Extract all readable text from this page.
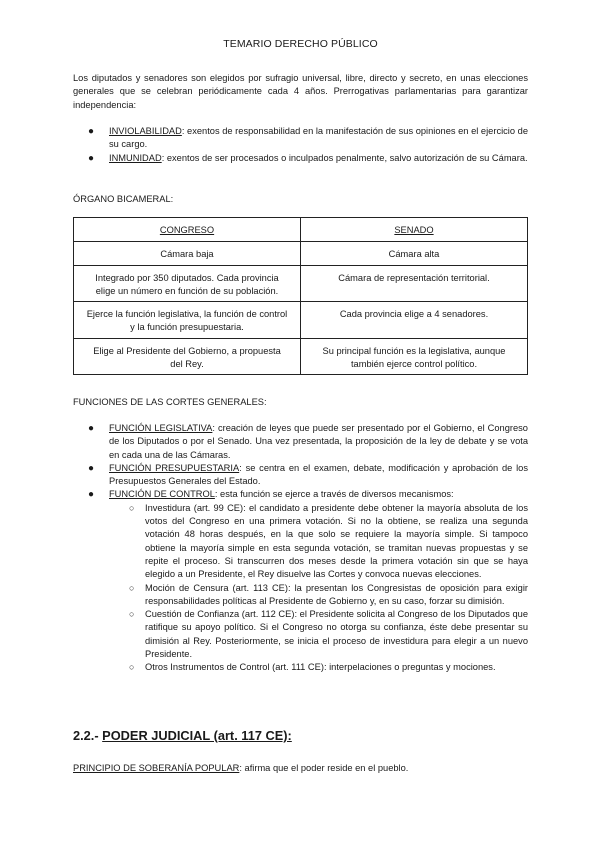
TEMARIO DERECHO PÚBLICO

Los diputados y senadores son elegidos por sufragio universal, libre, directo y secreto, en unas elecciones generales que se celebran periódicamente cada 4 años. Prerrogativas parlamentarias para garantizar independencia:

● INVIOLABILIDAD: exentos de responsabilidad en la manifestación de sus opiniones en el ejercicio de su cargo.

● INMUNIDAD: exentos de ser procesados o inculpados penalmente, salvo autorización de su Cámara.

ÓRGANO BICAMERAL:
CONGRESO	SENADO
Cámara baja	Cámara alta
Integrado por 350 diputados. Cada provincia elige un número en función de su población.	Cámara de representación territorial.
Ejerce la función legislativa, la función de control y la función presupuestaria.	Cada provincia elige a 4 senadores.
Elige al Presidente del Gobierno, a propuesta del Rey.	Su principal función es la legislativa, aunque también ejerce control político.
FUNCIONES DE LAS CORTES GENERALES:
● FUNCIÓN LEGISLATIVA: creación de leyes que puede ser presentado por el Gobierno, el Congreso de los Diputados o por el Senado. Una vez presentada, la proposición de la ley de debate y se vota en cada una de las Cámaras.

● FUNCIÓN PRESUPUESTARIA: se centra en el examen, debate, modificación y aprobación de los Presupuestos Generales del Estado.

● FUNCIÓN DE CONTROL: esta función se ejerce a través de diversos mecanismos:

○ Investidura (art. 99 CE): el candidato a presidente debe obtener la mayoría absoluta de los votos del Congreso en una primera votación. Si no la obtiene, se realiza una segunda votación 48 horas después, en la que solo se requiere la mayoría simple. Si tampoco obtiene la mayoría simple en esta segunda votación, se tramitan nuevas propuestas y se repite el proceso. Si transcurren dos meses desde la primera votación sin que se haya elegido a un Presidente, el Rey disuelve las Cortes y convoca nuevas elecciones.

○ Moción de Censura (art. 113 CE): la presentan los Congresistas de oposición para exigir responsabilidades políticas al Presidente de Gobierno y, en su caso, forzar su dimisión.

○ Cuestión de Confianza (art. 112 CE): el Presidente solicita al Congreso de los Diputados que ratifique su apoyo político. Si el Congreso no otorga su confianza, éste debe presentar su dimisión al Rey. Posteriormente, se inicia el proceso de investidura para elegir a un nuevo Presidente.

○ Otros Instrumentos de Control (art. 111 CE): interpelaciones o preguntas y mociones.

2.2.- PODER JUDICIAL (art. 117 CE):

PRINCIPIO DE SOBERANÍA POPULAR: afirma que el poder reside en el pueblo.
